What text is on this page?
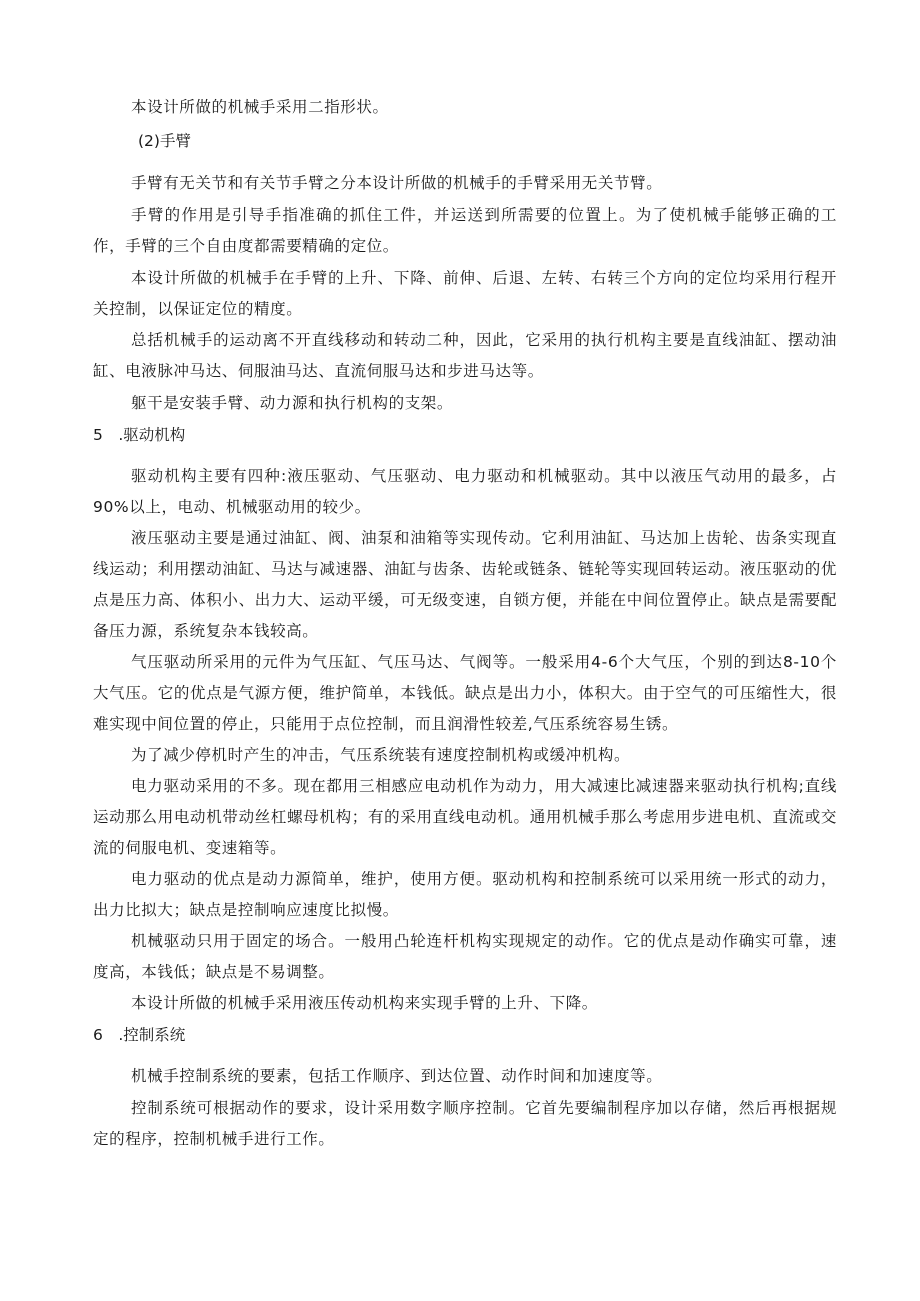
本设计所做的机械手采用二指形状。

(2)手臂

手臂有无关节和有关节手臂之分本设计所做的机械手的手臂采用无关节臂。

手臂的作用是引导手指准确的抓住工件，并运送到所需要的位置上。为了使机械手能够正确的工作，手臂的三个自由度都需要精确的定位。

本设计所做的机械手在手臂的上升、下降、前伸、后退、左转、右转三个方向的定位均采用行程开关控制，以保证定位的精度。

总括机械手的运动离不开直线移动和转动二种，因此，它采用的执行机构主要是直线油缸、摆动油缸、电液脉冲马达、伺服油马达、直流伺服马达和步进马达等。

躯干是安装手臂、动力源和执行机构的支架。

5　.驱动机构

驱动机构主要有四种:液压驱动、气压驱动、电力驱动和机械驱动。其中以液压气动用的最多，占90%以上，电动、机械驱动用的较少。

液压驱动主要是通过油缸、阀、油泵和油箱等实现传动。它利用油缸、马达加上齿轮、齿条实现直线运动；利用摆动油缸、马达与减速器、油缸与齿条、齿轮或链条、链轮等实现回转运动。液压驱动的优点是压力高、体积小、出力大、运动平缓，可无级变速，自锁方便，并能在中间位置停止。缺点是需要配备压力源，系统复杂本钱较高。

气压驱动所采用的元件为气压缸、气压马达、气阀等。一般采用4-6个大气压，个别的到达8-10个大气压。它的优点是气源方便，维护简单，本钱低。缺点是出力小，体积大。由于空气的可压缩性大，很难实现中间位置的停止，只能用于点位控制，而且润滑性较差,气压系统容易生锈。

为了减少停机时产生的冲击，气压系统装有速度控制机构或缓冲机构。

电力驱动采用的不多。现在都用三相感应电动机作为动力，用大减速比减速器来驱动执行机构;直线运动那么用电动机带动丝杠螺母机构；有的采用直线电动机。通用机械手那么考虑用步进电机、直流或交流的伺服电机、变速箱等。

电力驱动的优点是动力源简单，维护，使用方便。驱动机构和控制系统可以采用统一形式的动力，出力比拟大；缺点是控制响应速度比拟慢。

机械驱动只用于固定的场合。一般用凸轮连杆机构实现规定的动作。它的优点是动作确实可靠，速度高，本钱低；缺点是不易调整。

本设计所做的机械手采用液压传动机构来实现手臂的上升、下降。

6　.控制系统

机械手控制系统的要素，包括工作顺序、到达位置、动作时间和加速度等。

控制系统可根据动作的要求，设计采用数字顺序控制。它首先要编制程序加以存储，然后再根据规定的程序，控制机械手进行工作。
